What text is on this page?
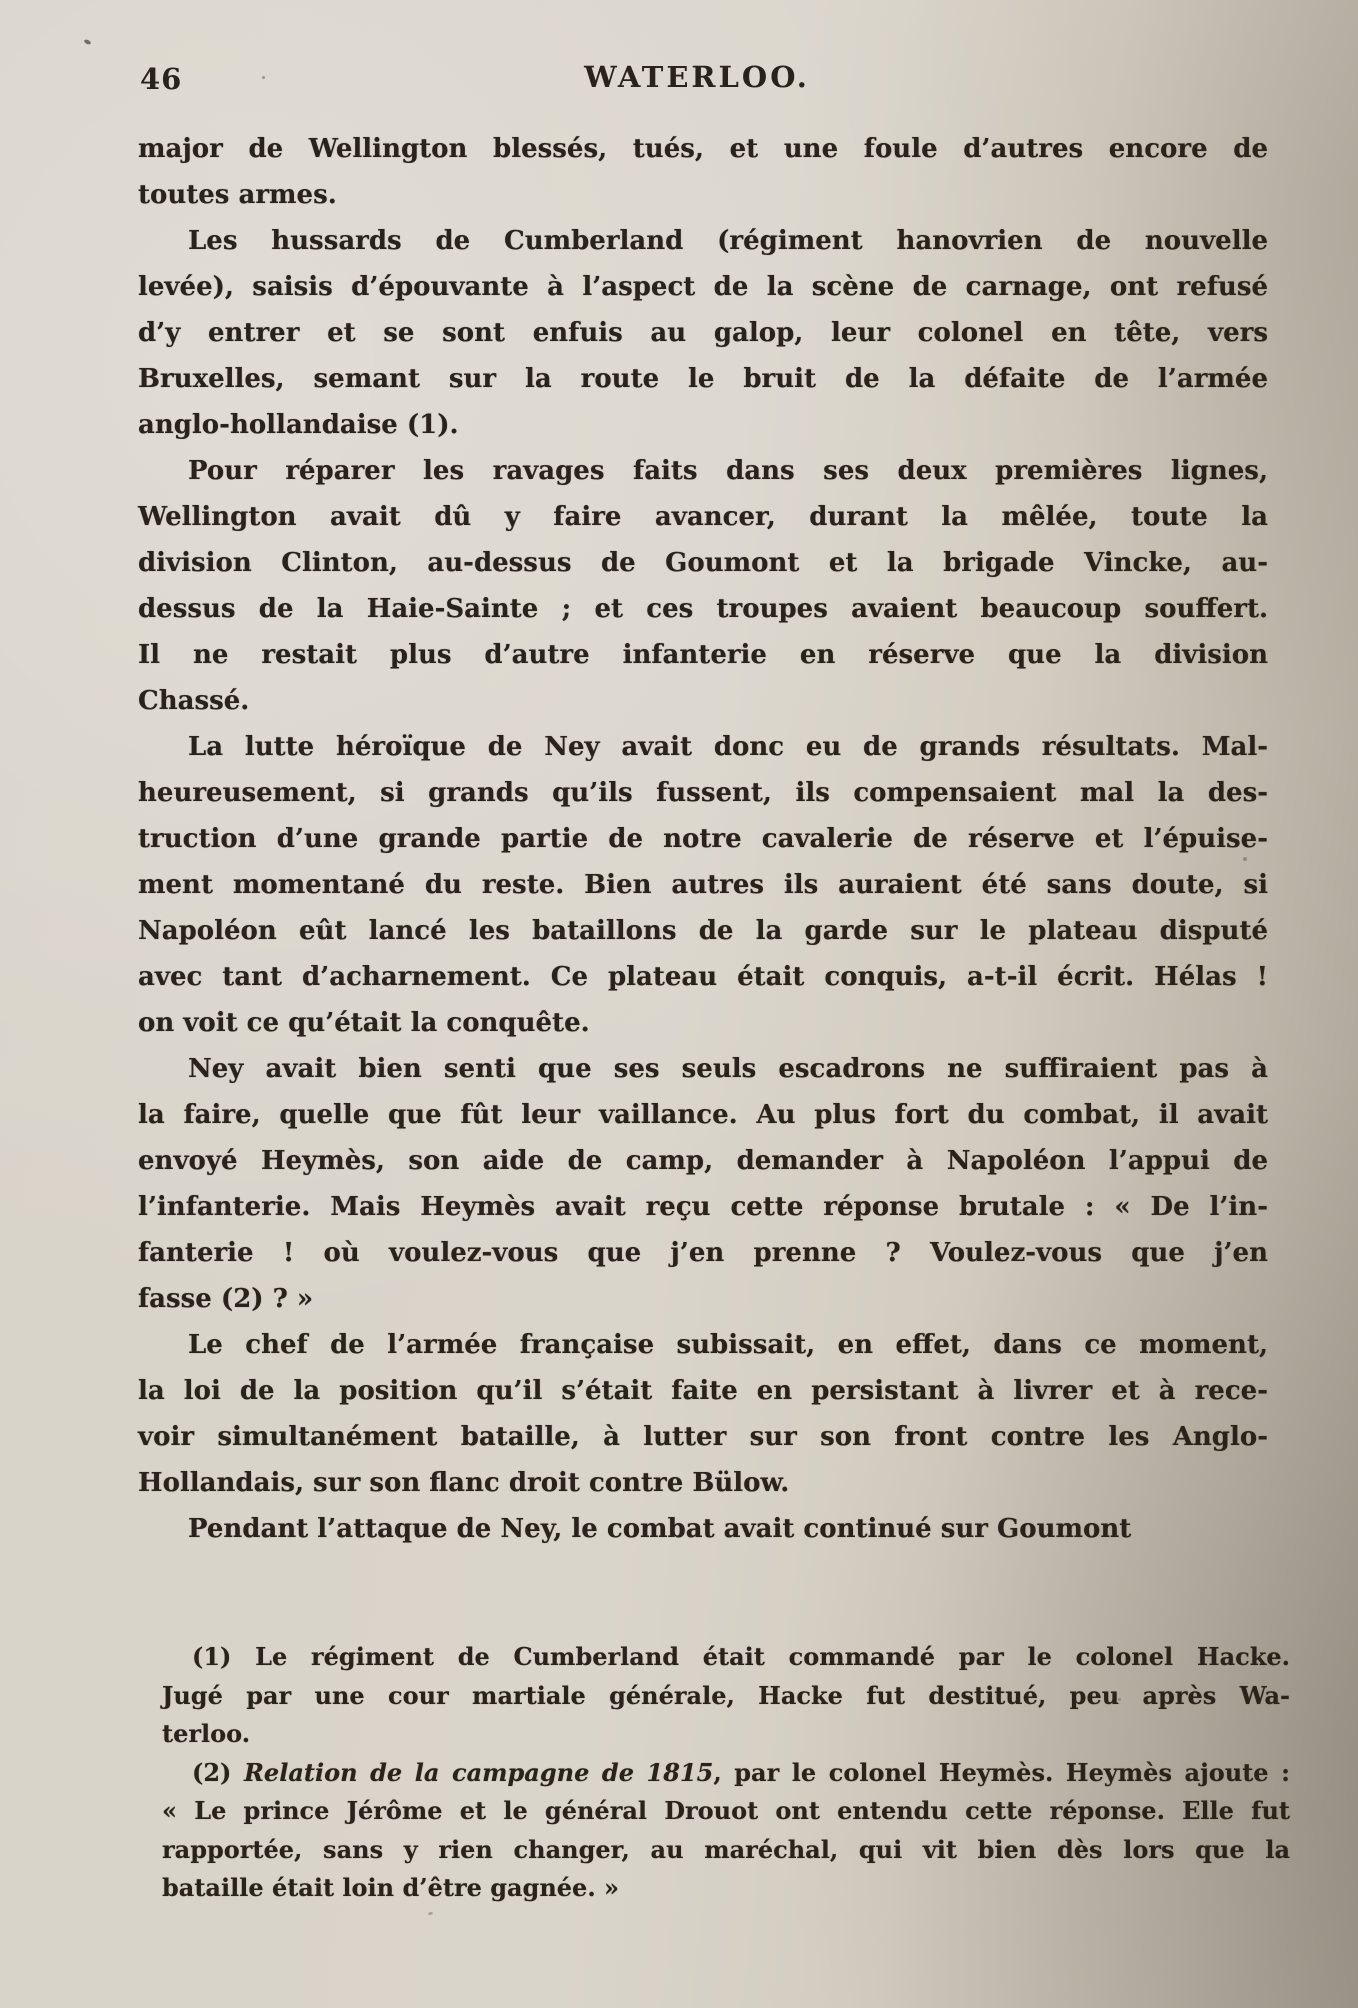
46	WATERLOO.
major de Wellington blessés, tués, et une foule d’autres encore de
toutes armes.
Les hussards de Cumberland (régiment hanovrien de nouvelle
levée), saisis d’épouvante à l’aspect de la scène de carnage, ont refusé
d’y entrer et se sont enfuis au galop, leur colonel en tête, vers
Bruxelles, semant sur la route le bruit de la défaite de l’armée
anglo-hollandaise (1).
Pour réparer les ravages faits dans ses deux premières lignes,
Wellington avait dû y faire avancer, durant la mêlée, toute la
division Clinton, au-dessus de Goumont et la brigade Vincke, au-
dessus de la Haie-Sainte ; et ces troupes avaient beaucoup souffert.
Il ne restait plus d’autre infanterie en réserve que la division
Chassé.
La lutte héroïque de Ney avait donc eu de grands résultats. Mal-
heureusement, si grands qu’ils fussent, ils compensaient mal la des-
truction d’une grande partie de notre cavalerie de réserve et l’épuise-
ment momentané du reste. Bien autres ils auraient été sans doute, si
Napoléon eût lancé les bataillons de la garde sur le plateau disputé
avec tant d’acharnement. Ce plateau était conquis, a-t-il écrit. Hélas !
on voit ce qu’était la conquête.
Ney avait bien senti que ses seuls escadrons ne suffiraient pas à
la faire, quelle que fût leur vaillance. Au plus fort du combat, il avait
envoyé Heymès, son aide de camp, demander à Napoléon l’appui de
l’infanterie. Mais Heymès avait reçu cette réponse brutale : « De l’in-
fanterie ! où voulez-vous que j’en prenne ? Voulez-vous que j’en
fasse (2) ? »
Le chef de l’armée française subissait, en effet, dans ce moment,
la loi de la position qu’il s’était faite en persistant à livrer et à rece-
voir simultanément bataille, à lutter sur son front contre les Anglo-
Hollandais, sur son flanc droit contre Bülow.
Pendant l’attaque de Ney, le combat avait continué sur Goumont
(1) Le régiment de Cumberland était commandé par le colonel Hacke.
Jugé par une cour martiale générale, Hacke fut destitué, peu après Wa-
terloo.
(2) Relation de la campagne de 1815, par le colonel Heymès. Heymès ajoute :
« Le prince Jérôme et le général Drouot ont entendu cette réponse. Elle fut
rapportée, sans y rien changer, au maréchal, qui vit bien dès lors que la
bataille était loin d’être gagnée. »
